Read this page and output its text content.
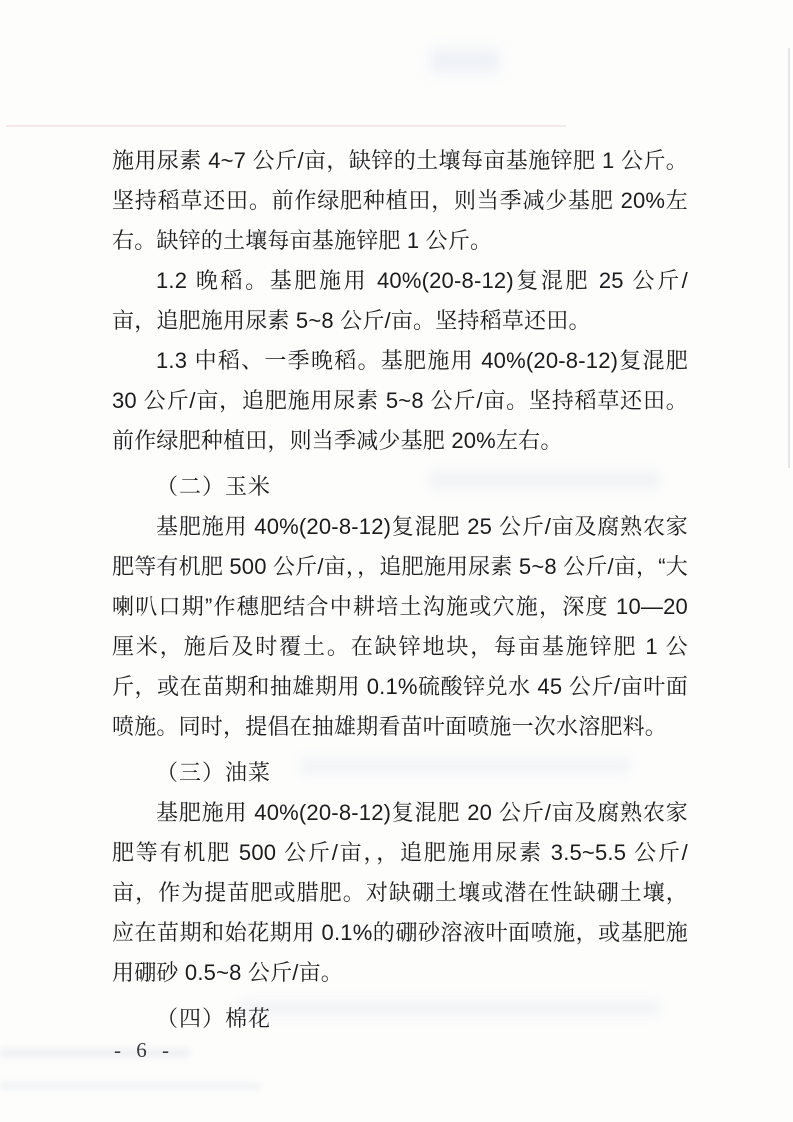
施用尿素 4~7 公斤/亩，缺锌的土壤每亩基施锌肥 1 公斤。坚持稻草还田。前作绿肥种植田，则当季减少基肥 20%左右。缺锌的土壤每亩基施锌肥 1 公斤。

1.2 晚稻。基肥施用 40%(20-8-12)复混肥 25 公斤/亩，追肥施用尿素 5~8 公斤/亩。坚持稻草还田。

1.3 中稻、一季晚稻。基肥施用 40%(20-8-12)复混肥 30 公斤/亩，追肥施用尿素 5~8 公斤/亩。坚持稻草还田。前作绿肥种植田，则当季减少基肥 20%左右。

（二）玉米

基肥施用 40%(20-8-12)复混肥 25 公斤/亩及腐熟农家肥等有机肥 500 公斤/亩，，追肥施用尿素 5~8 公斤/亩，“大喇叭口期”作穗肥结合中耕培土沟施或穴施，深度 10—20 厘米，施后及时覆土。在缺锌地块，每亩基施锌肥 1 公斤，或在苗期和抽雄期用 0.1%硫酸锌兑水 45 公斤/亩叶面喷施。同时，提倡在抽雄期看苗叶面喷施一次水溶肥料。

（三）油菜

基肥施用 40%(20-8-12)复混肥 20 公斤/亩及腐熟农家肥等有机肥 500 公斤/亩，，追肥施用尿素 3.5~5.5 公斤/亩，作为提苗肥或腊肥。对缺硼土壤或潜在性缺硼土壤，应在苗期和始花期用 0.1%的硼砂溶液叶面喷施，或基肥施用硼砂 0.5~8 公斤/亩。

（四）棉花
- 6 -
